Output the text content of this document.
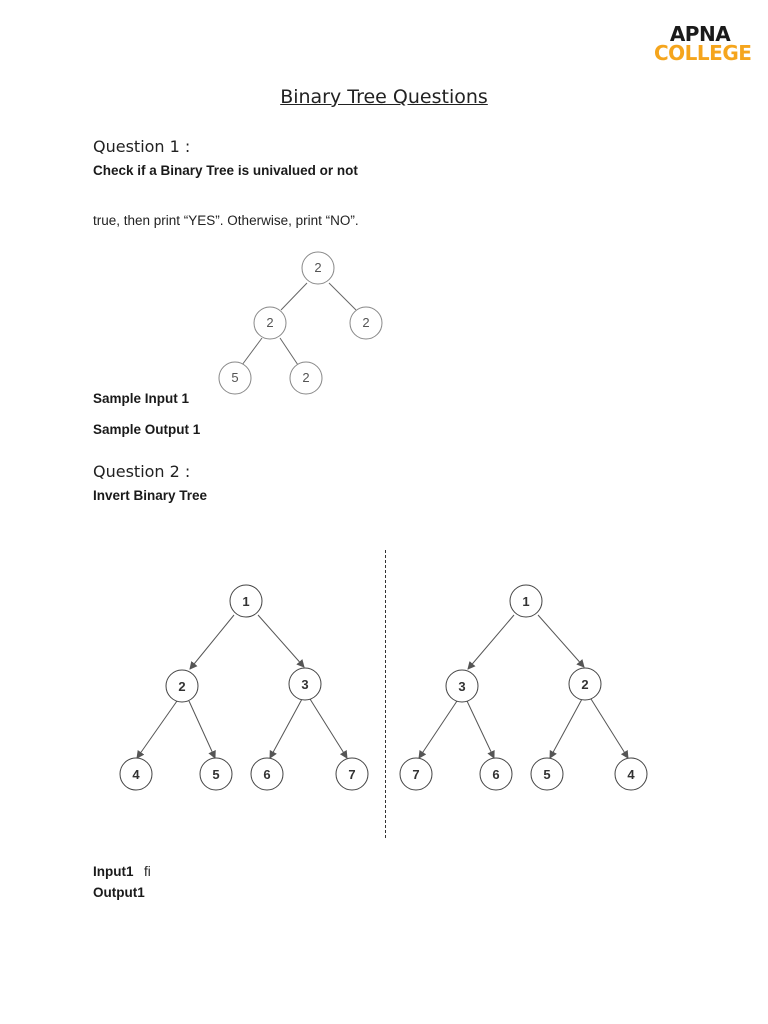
APNA
COLLEGE
Binary Tree Questions
Question 1 :
Check if a Binary Tree is univalued or not
true, then print “YES”. Otherwise, print “NO”.
2
2	2
5	2
Sample Input 1
Sample Output 1
Question 2 :
Invert Binary Tree
1
2	3
4	5	6	7
1
3	2
7	6	5	4
Input1 fi
Output1
